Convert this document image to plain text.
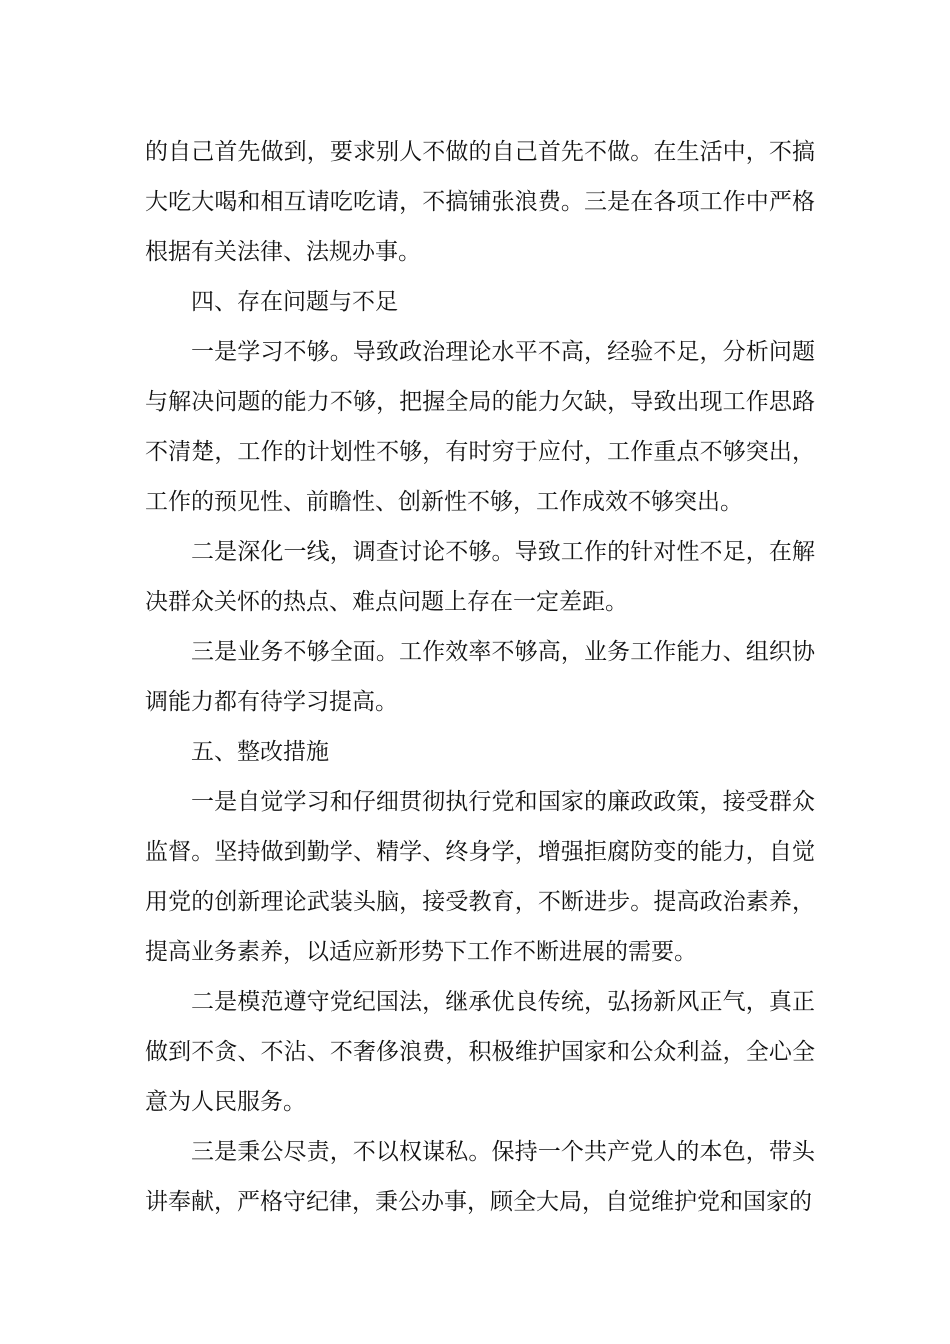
的自己首先做到，要求别人不做的自己首先不做。在生活中，不搞大吃大喝和相互请吃吃请，不搞铺张浪费。三是在各项工作中严格根据有关法律、法规办事。

四、存在问题与不足

一是学习不够。导致政治理论水平不高，经验不足，分析问题与解决问题的能力不够，把握全局的能力欠缺，导致出现工作思路不清楚，工作的计划性不够，有时穷于应付，工作重点不够突出，工作的预见性、前瞻性、创新性不够，工作成效不够突出。

二是深化一线，调查讨论不够。导致工作的针对性不足，在解决群众关怀的热点、难点问题上存在一定差距。

三是业务不够全面。工作效率不够高，业务工作能力、组织协调能力都有待学习提高。

五、整改措施

一是自觉学习和仔细贯彻执行党和国家的廉政政策，接受群众监督。坚持做到勤学、精学、终身学，增强拒腐防变的能力，自觉用党的创新理论武装头脑，接受教育，不断进步。提高政治素养，提高业务素养，以适应新形势下工作不断进展的需要。

二是模范遵守党纪国法，继承优良传统，弘扬新风正气，真正做到不贪、不沾、不奢侈浪费，积极维护国家和公众利益，全心全意为人民服务。

三是秉公尽责，不以权谋私。保持一个共产党人的本色，带头讲奉献，严格守纪律，秉公办事，顾全大局，自觉维护党和国家的
